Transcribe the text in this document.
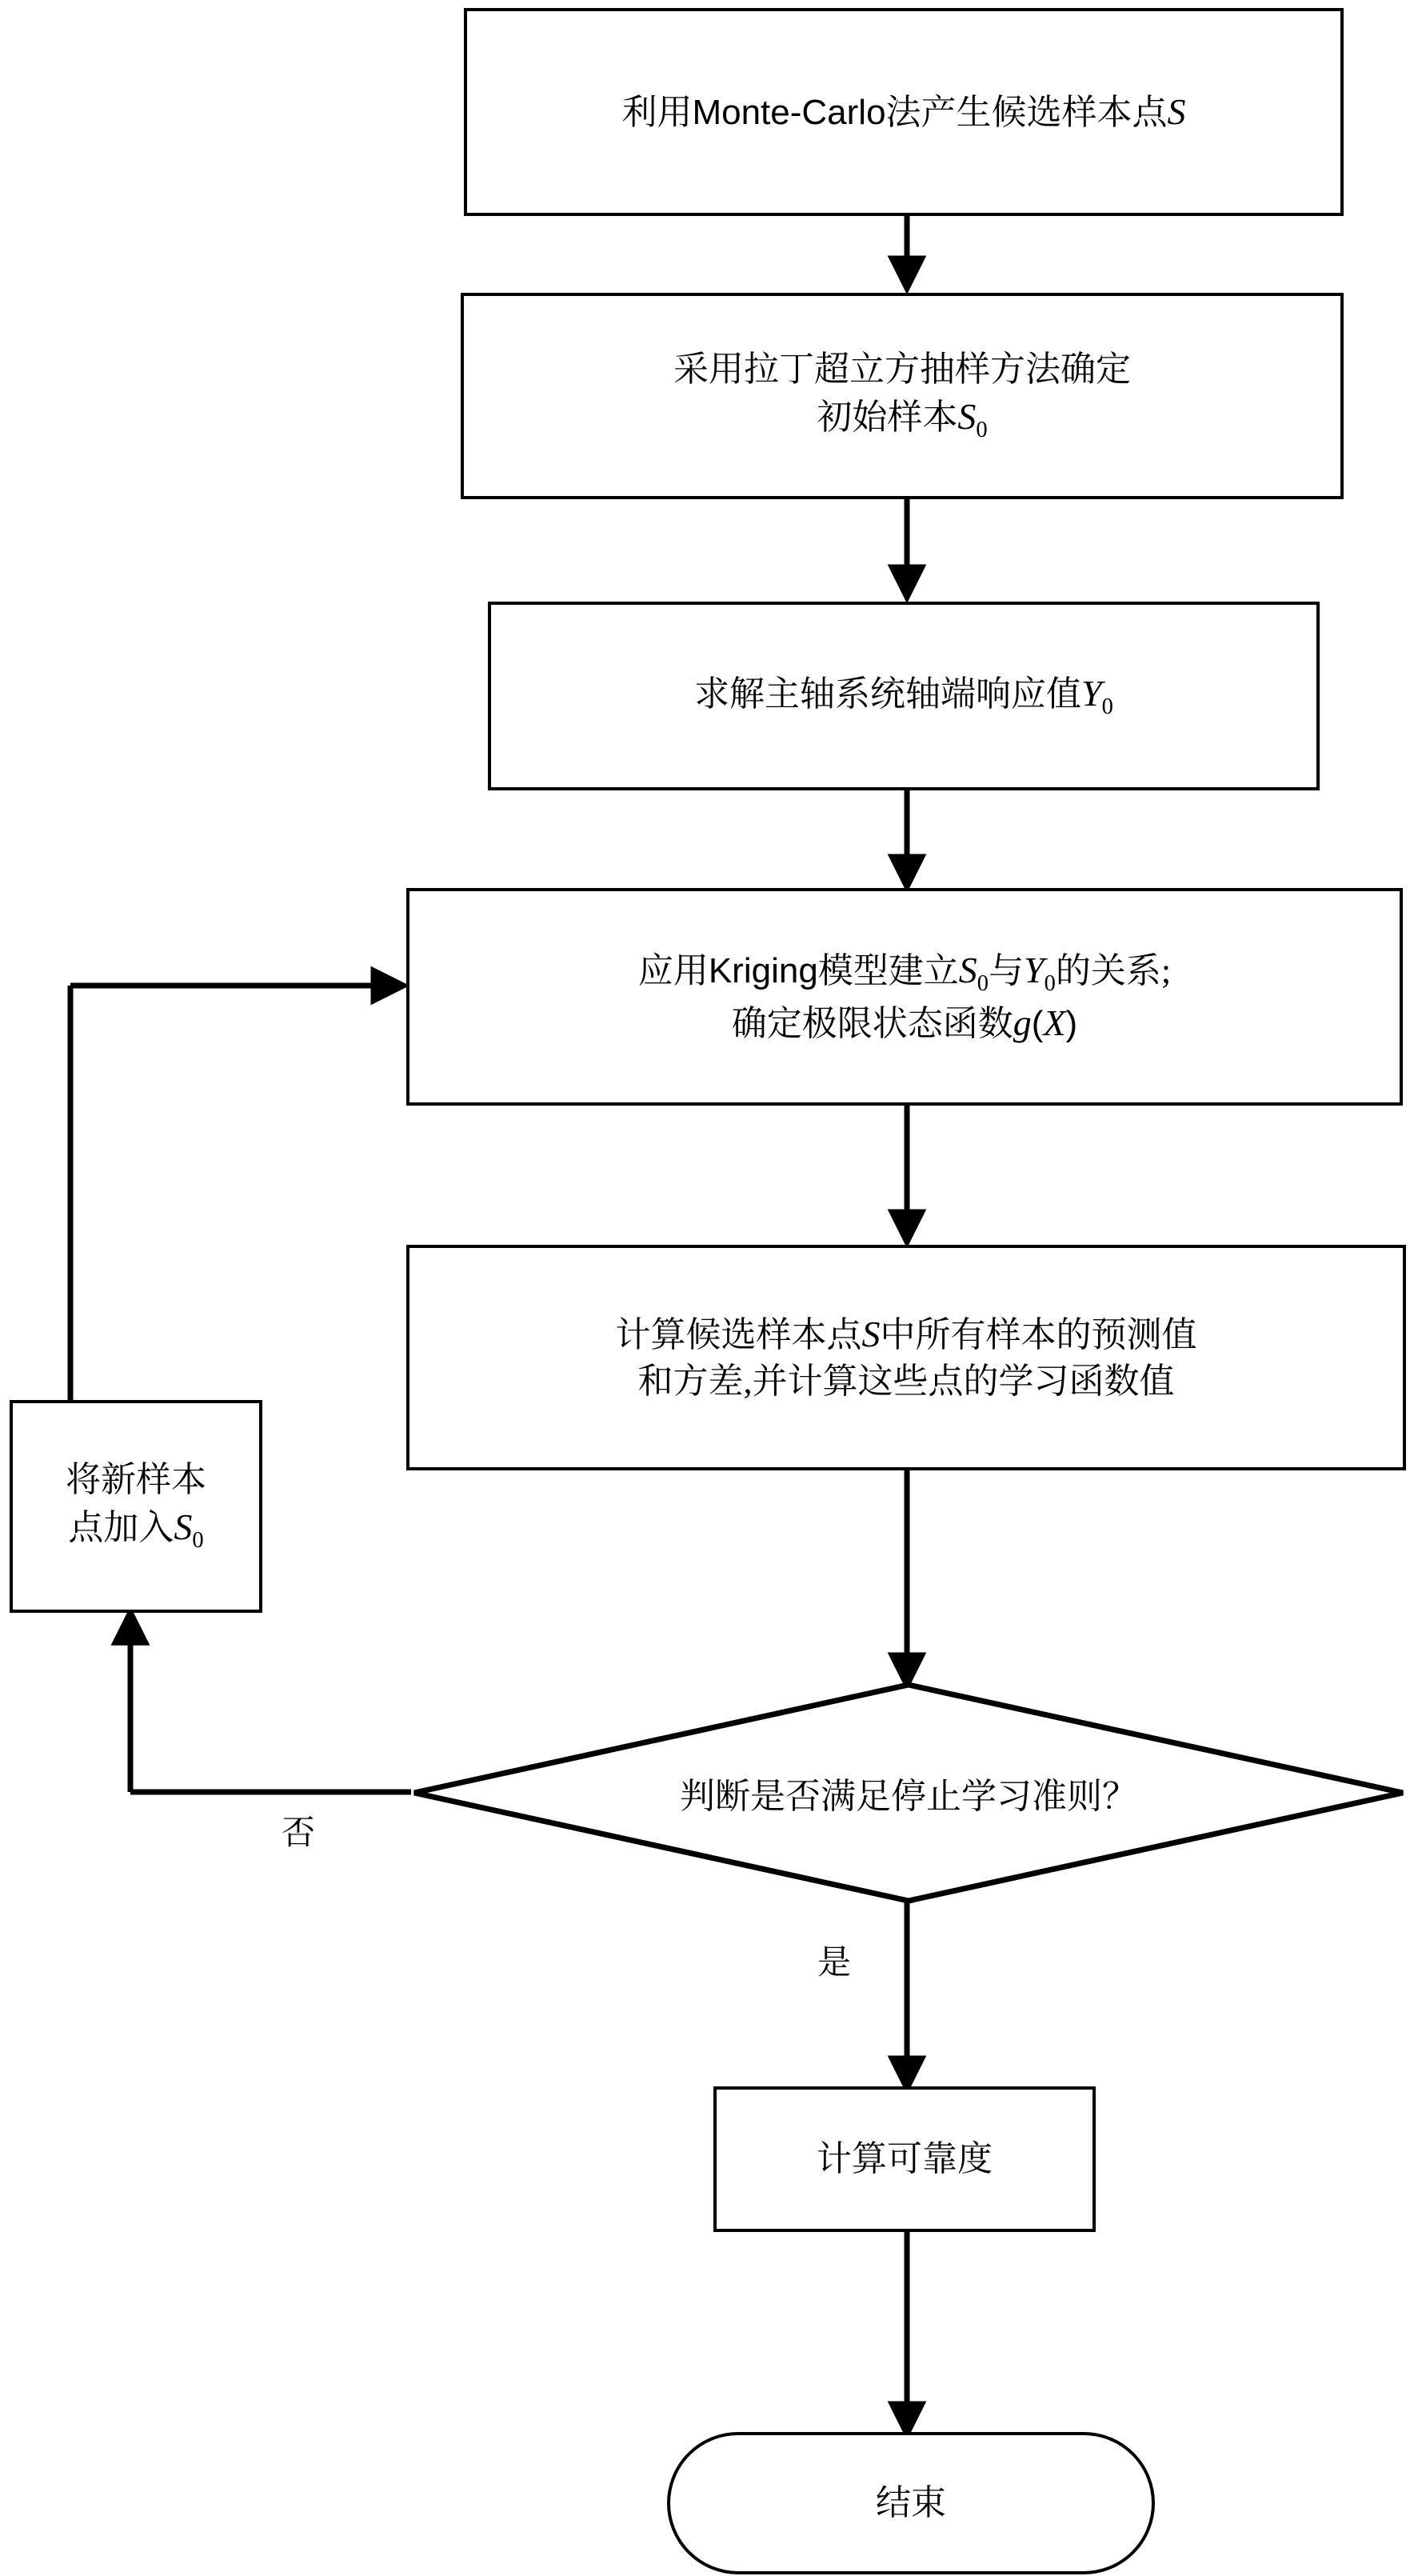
利用Monte-Carlo法产生候选样本点S
采用拉丁超立方抽样方法确定
初始样本$S_0$
求解主轴系统轴端响应值$Y_0$
应用Kriging模型建立$S_0$与$Y_0$的关系;
确定极限状态函数g(X)
计算候选样本点S中所有样本的预测值
和方差,并计算这些点的学习函数值
将新样本
点加入$S_0$
判断是否满足停止学习准则？
否
是
计算可靠度
结束
